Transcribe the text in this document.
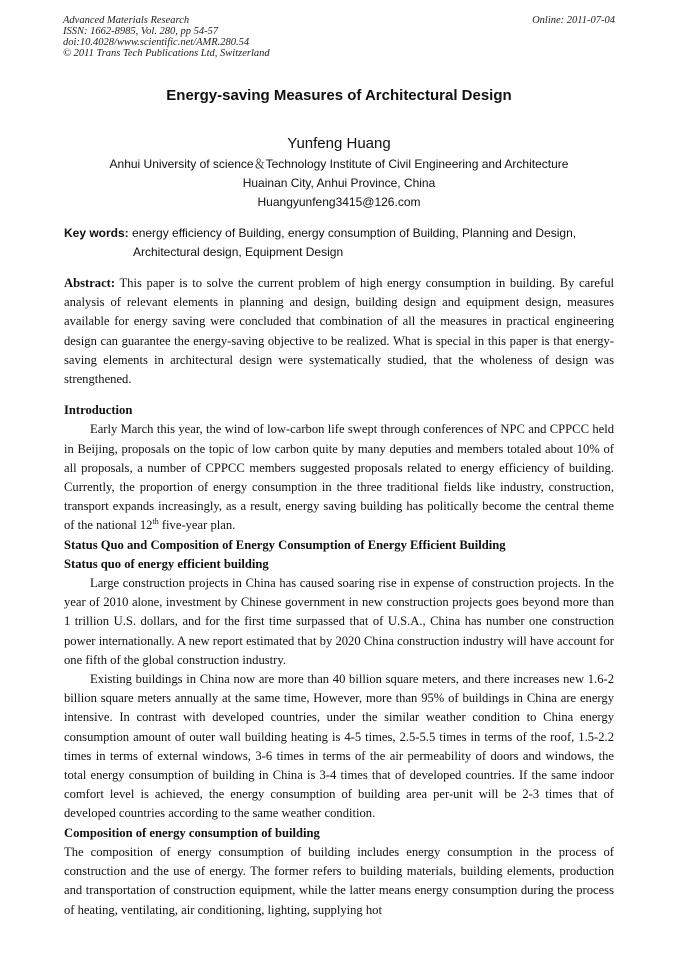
Advanced Materials Research
ISSN: 1662-8985, Vol. 280, pp 54-57
doi:10.4028/www.scientific.net/AMR.280.54
© 2011 Trans Tech Publications Ltd, Switzerland
Online: 2011-07-04
Energy-saving Measures of Architectural Design
Yunfeng Huang
Anhui University of science＆Technology Institute of Civil Engineering and Architecture
Huainan City, Anhui Province, China
Huangyunfeng3415@126.com
Key words: energy efficiency of Building, energy consumption of Building, Planning and Design,
Architectural design, Equipment Design

Abstract: This paper is to solve the current problem of high energy consumption in building. By careful analysis of relevant elements in planning and design, building design and equipment design, measures available for energy saving were concluded that combination of all the measures in practical engineering design can guarantee the energy-saving objective to be realized. What is special in this paper is that energy-saving elements in architectural design were systematically studied, that the wholeness of design was strengthened.

Introduction

Early March this year, the wind of low-carbon life swept through conferences of NPC and CPPCC held in Beijing, proposals on the topic of low carbon quite by many deputies and members totaled about 10% of all proposals, a number of CPPCC members suggested proposals related to energy efficiency of building. Currently, the proportion of energy consumption in the three traditional fields like industry, construction, transport expands increasingly, as a result, energy saving building has politically become the central theme of the national 12th five-year plan.

Status Quo and Composition of Energy Consumption of Energy Efficient Building

Status quo of energy efficient building

Large construction projects in China has caused soaring rise in expense of construction projects. In the year of 2010 alone, investment by Chinese government in new construction projects goes beyond more than 1 trillion U.S. dollars, and for the first time surpassed that of U.S.A., China has number one construction power internationally. A new report estimated that by 2020 China construction industry will have account for one fifth of the global construction industry.

Existing buildings in China now are more than 40 billion square meters, and there increases new 1.6-2 billion square meters annually at the same time, However, more than 95% of buildings in China are energy intensive. In contrast with developed countries, under the similar weather condition to China energy consumption amount of outer wall building heating is 4-5 times, 2.5-5.5 times in terms of the roof, 1.5-2.2 times in terms of external windows, 3-6 times in terms of the air permeability of doors and windows, the total energy consumption of building in China is 3-4 times that of developed countries. If the same indoor comfort level is achieved, the energy consumption of building area per-unit will be 2-3 times that of developed countries according to the same weather condition.

Composition of energy consumption of building

The composition of energy consumption of building includes energy consumption in the process of construction and the use of energy. The former refers to building materials, building elements, production and transportation of construction equipment, while the latter means energy consumption during the process of heating, ventilating, air conditioning, lighting, supplying hot
